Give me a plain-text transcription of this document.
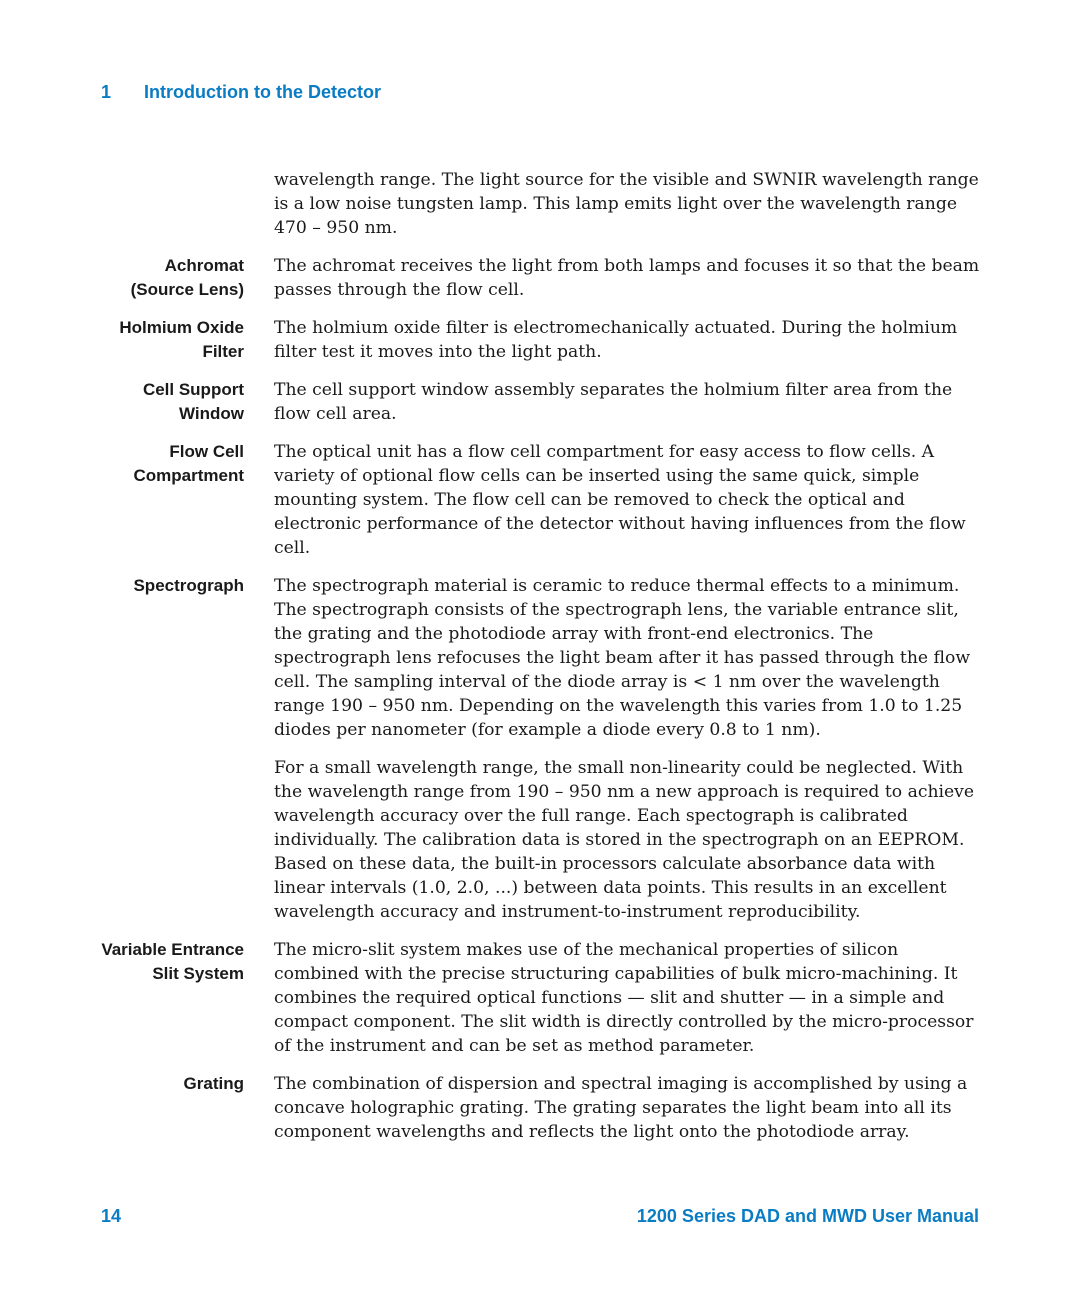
1	Introduction to the Detector
wavelength range. The light source for the visible and SWNIR wavelength range is a low noise tungsten lamp. This lamp emits light over the wavelength range 470 – 950 nm.
Achromat
(Source Lens)

The achromat receives the light from both lamps and focuses it so that the beam passes through the flow cell.

Holmium Oxide
Filter

The holmium oxide filter is electromechanically actuated. During the holmium filter test it moves into the light path.

Cell Support
Window

The cell support window assembly separates the holmium filter area from the flow cell area.

Flow Cell
Compartment

The optical unit has a flow cell compartment for easy access to flow cells. A variety of optional flow cells can be inserted using the same quick, simple mounting system. The flow cell can be removed to check the optical and electronic performance of the detector without having influences from the flow cell.

Spectrograph The spectrograph material is ceramic to reduce thermal effects to a minimum. The spectrograph consists of the spectrograph lens, the variable entrance slit, the grating and the photodiode array with front-end electronics. The spectrograph lens refocuses the light beam after it has passed through the flow cell. The sampling interval of the diode array is < 1 nm over the wavelength range 190 – 950 nm. Depending on the wavelength this varies from 1.0 to 1.25 diodes per nanometer (for example a diode every 0.8 to 1 nm).

For a small wavelength range, the small non-linearity could be neglected. With the wavelength range from 190 – 950 nm a new approach is required to achieve wavelength accuracy over the full range. Each spectograph is calibrated individually. The calibration data is stored in the spectrograph on an EEPROM. Based on these data, the built-in processors calculate absorbance data with linear intervals (1.0, 2.0, ...) between data points. This results in an excellent wavelength accuracy and instrument-to-instrument reproducibility.

Variable Entrance
Slit System

The micro-slit system makes use of the mechanical properties of silicon combined with the precise structuring capabilities of bulk micro-machining. It combines the required optical functions — slit and shutter — in a simple and compact component. The slit width is directly controlled by the micro-processor of the instrument and can be set as method parameter.

Grating The combination of dispersion and spectral imaging is accomplished by using a concave holographic grating. The grating separates the light beam into all its component wavelengths and reflects the light onto the photodiode array.

14	1200 Series DAD and MWD User Manual
